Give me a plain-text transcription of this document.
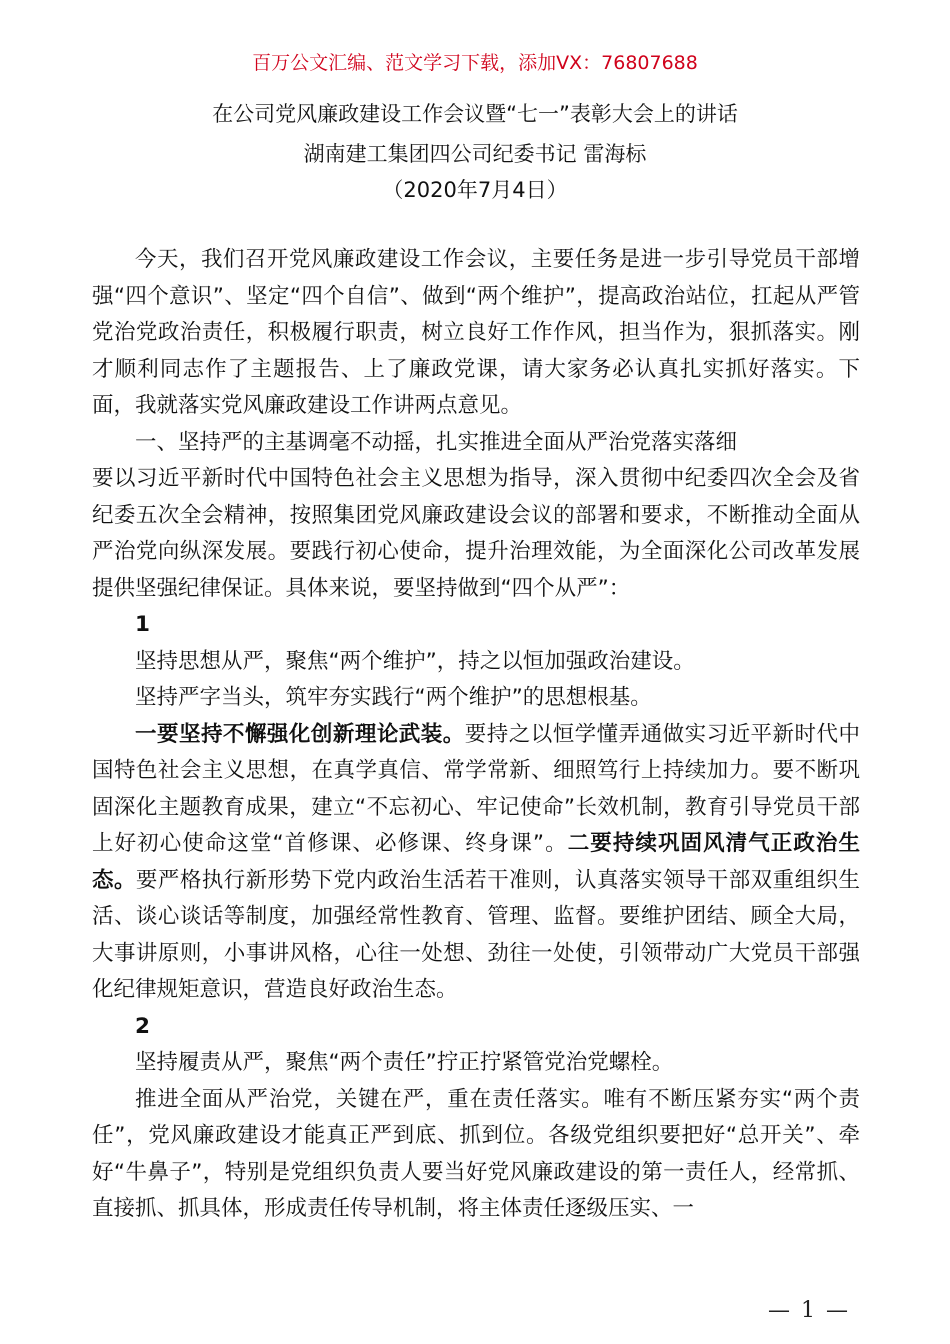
百万公文汇编、范文学习下载，添加VX：76807688
在公司党风廉政建设工作会议暨“七一”表彰大会上的讲话
湖南建工集团四公司纪委书记 雷海标
（2020年7月4日）

今天，我们召开党风廉政建设工作会议，主要任务是进一步引导党员干部增强“四个意识”、坚定“四个自信”、做到“两个维护”，提高政治站位，扛起从严管党治党政治责任，积极履行职责，树立良好工作作风，担当作为，狠抓落实。刚才顺利同志作了主题报告、上了廉政党课，请大家务必认真扎实抓好落实。下面，我就落实党风廉政建设工作讲两点意见。

一、坚持严的主基调毫不动摇，扎实推进全面从严治党落实落细

要以习近平新时代中国特色社会主义思想为指导，深入贯彻中纪委四次全会及省纪委五次全会精神，按照集团党风廉政建设会议的部署和要求，不断推动全面从严治党向纵深发展。要践行初心使命，提升治理效能，为全面深化公司改革发展提供坚强纪律保证。具体来说，要坚持做到“四个从严”：

1

坚持思想从严，聚焦“两个维护”，持之以恒加强政治建设。

坚持严字当头，筑牢夯实践行“两个维护”的思想根基。

一要坚持不懈强化创新理论武装。要持之以恒学懂弄通做实习近平新时代中国特色社会主义思想，在真学真信、常学常新、细照笃行上持续加力。要不断巩固深化主题教育成果，建立“不忘初心、牢记使命”长效机制，教育引导党员干部上好初心使命这堂“首修课、必修课、终身课”。二要持续巩固风清气正政治生态。要严格执行新形势下党内政治生活若干准则，认真落实领导干部双重组织生活、谈心谈话等制度，加强经常性教育、管理、监督。要维护团结、顾全大局，大事讲原则，小事讲风格，心往一处想、劲往一处使，引领带动广大党员干部强化纪律规矩意识，营造良好政治生态。

2

坚持履责从严，聚焦“两个责任”拧正拧紧管党治党螺栓。

推进全面从严治党，关键在严，重在责任落实。唯有不断压紧夯实“两个责任”，党风廉政建设才能真正严到底、抓到位。各级党组织要把好“总开关”、牵好“牛鼻子”，特别是党组织负责人要当好党风廉政建设的第一责任人，经常抓、直接抓、抓具体，形成责任传导机制，将主体责任逐级压实、一

— 1 —
